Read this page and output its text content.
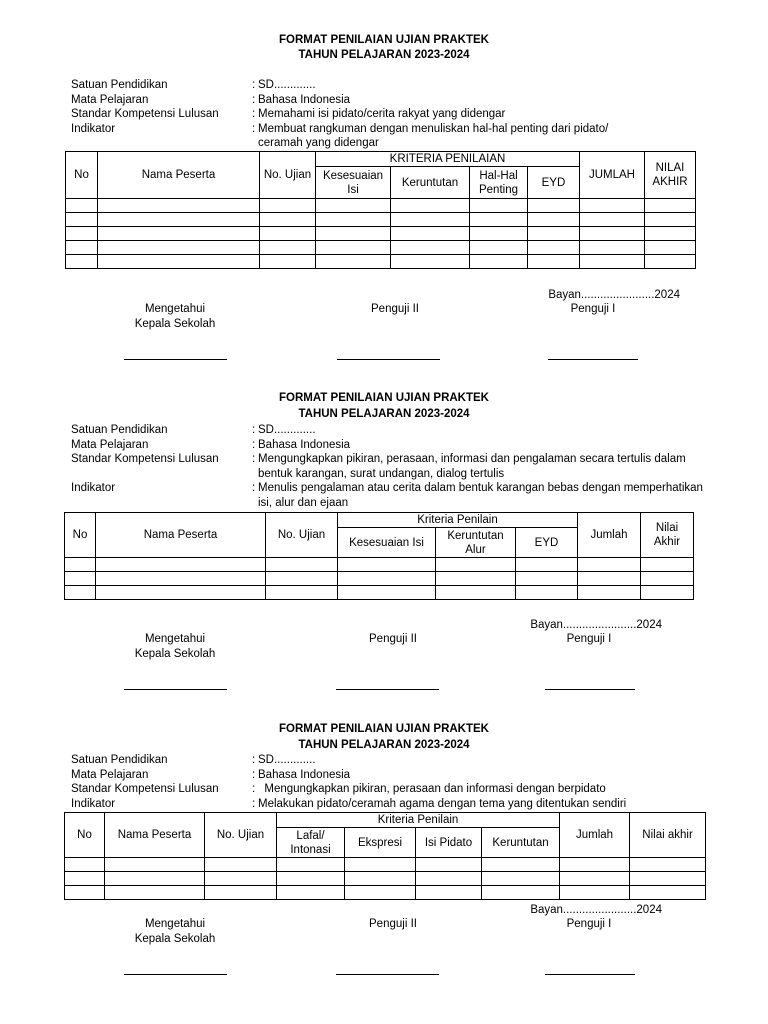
FORMAT PENILAIAN UJIAN PRAKTEK
TAHUN PELAJARAN 2023-2024
Satuan Pendidikan	: SD.............
Mata Pelajaran	: Bahasa Indonesia
Standar Kompetensi Lulusan	: Memahami isi pidato/cerita rakyat yang didengar
Indikator	: Membuat rangkuman dengan menuliskan hal-hal penting dari pidato/ ceramah yang didengar
No	Nama Peserta	No. Ujian	KRITERIA PENILAIAN				JUMLAH	NILAI AKHIR
			Kesesuaian Isi	Keruntutan	Hal-Hal Penting	EYD		

Bayan.......................2024
Mengetahui
Kepala Sekolah
Penguji II	Penguji I
FORMAT PENILAIAN UJIAN PRAKTEK
TAHUN PELAJARAN 2023-2024
Satuan Pendidikan	: SD.............
Mata Pelajaran	: Bahasa Indonesia
Standar Kompetensi Lulusan	: Mengungkapkan pikiran, perasaan, informasi dan pengalaman secara tertulis dalam bentuk karangan, surat undangan, dialog tertulis
Indikator	: Menulis pengalaman atau cerita dalam bentuk karangan bebas dengan memperhatikan isi, alur dan ejaan
No	Nama Peserta	No. Ujian	Kriteria Penilain			Jumlah	Nilai Akhir
			Kesesuaian Isi	Keruntutan Alur	EYD		

Bayan.......................2024
Mengetahui
Kepala Sekolah
Penguji II	Penguji I
FORMAT PENILAIAN UJIAN PRAKTEK
TAHUN PELAJARAN 2023-2024
Satuan Pendidikan	: SD.............
Mata Pelajaran	: Bahasa Indonesia
Standar Kompetensi Lulusan	: Mengungkapkan pikiran, perasaan dan informasi dengan berpidato
Indikator	: Melakukan pidato/ceramah agama dengan tema yang ditentukan sendiri
No	Nama Peserta	No. Ujian	Kriteria Penilain				Jumlah	Nilai akhir
			Lafal/ Intonasi	Ekspresi	Isi Pidato	Keruntutan		

Bayan.......................2024
Mengetahui
Kepala Sekolah
Penguji II	Penguji I
